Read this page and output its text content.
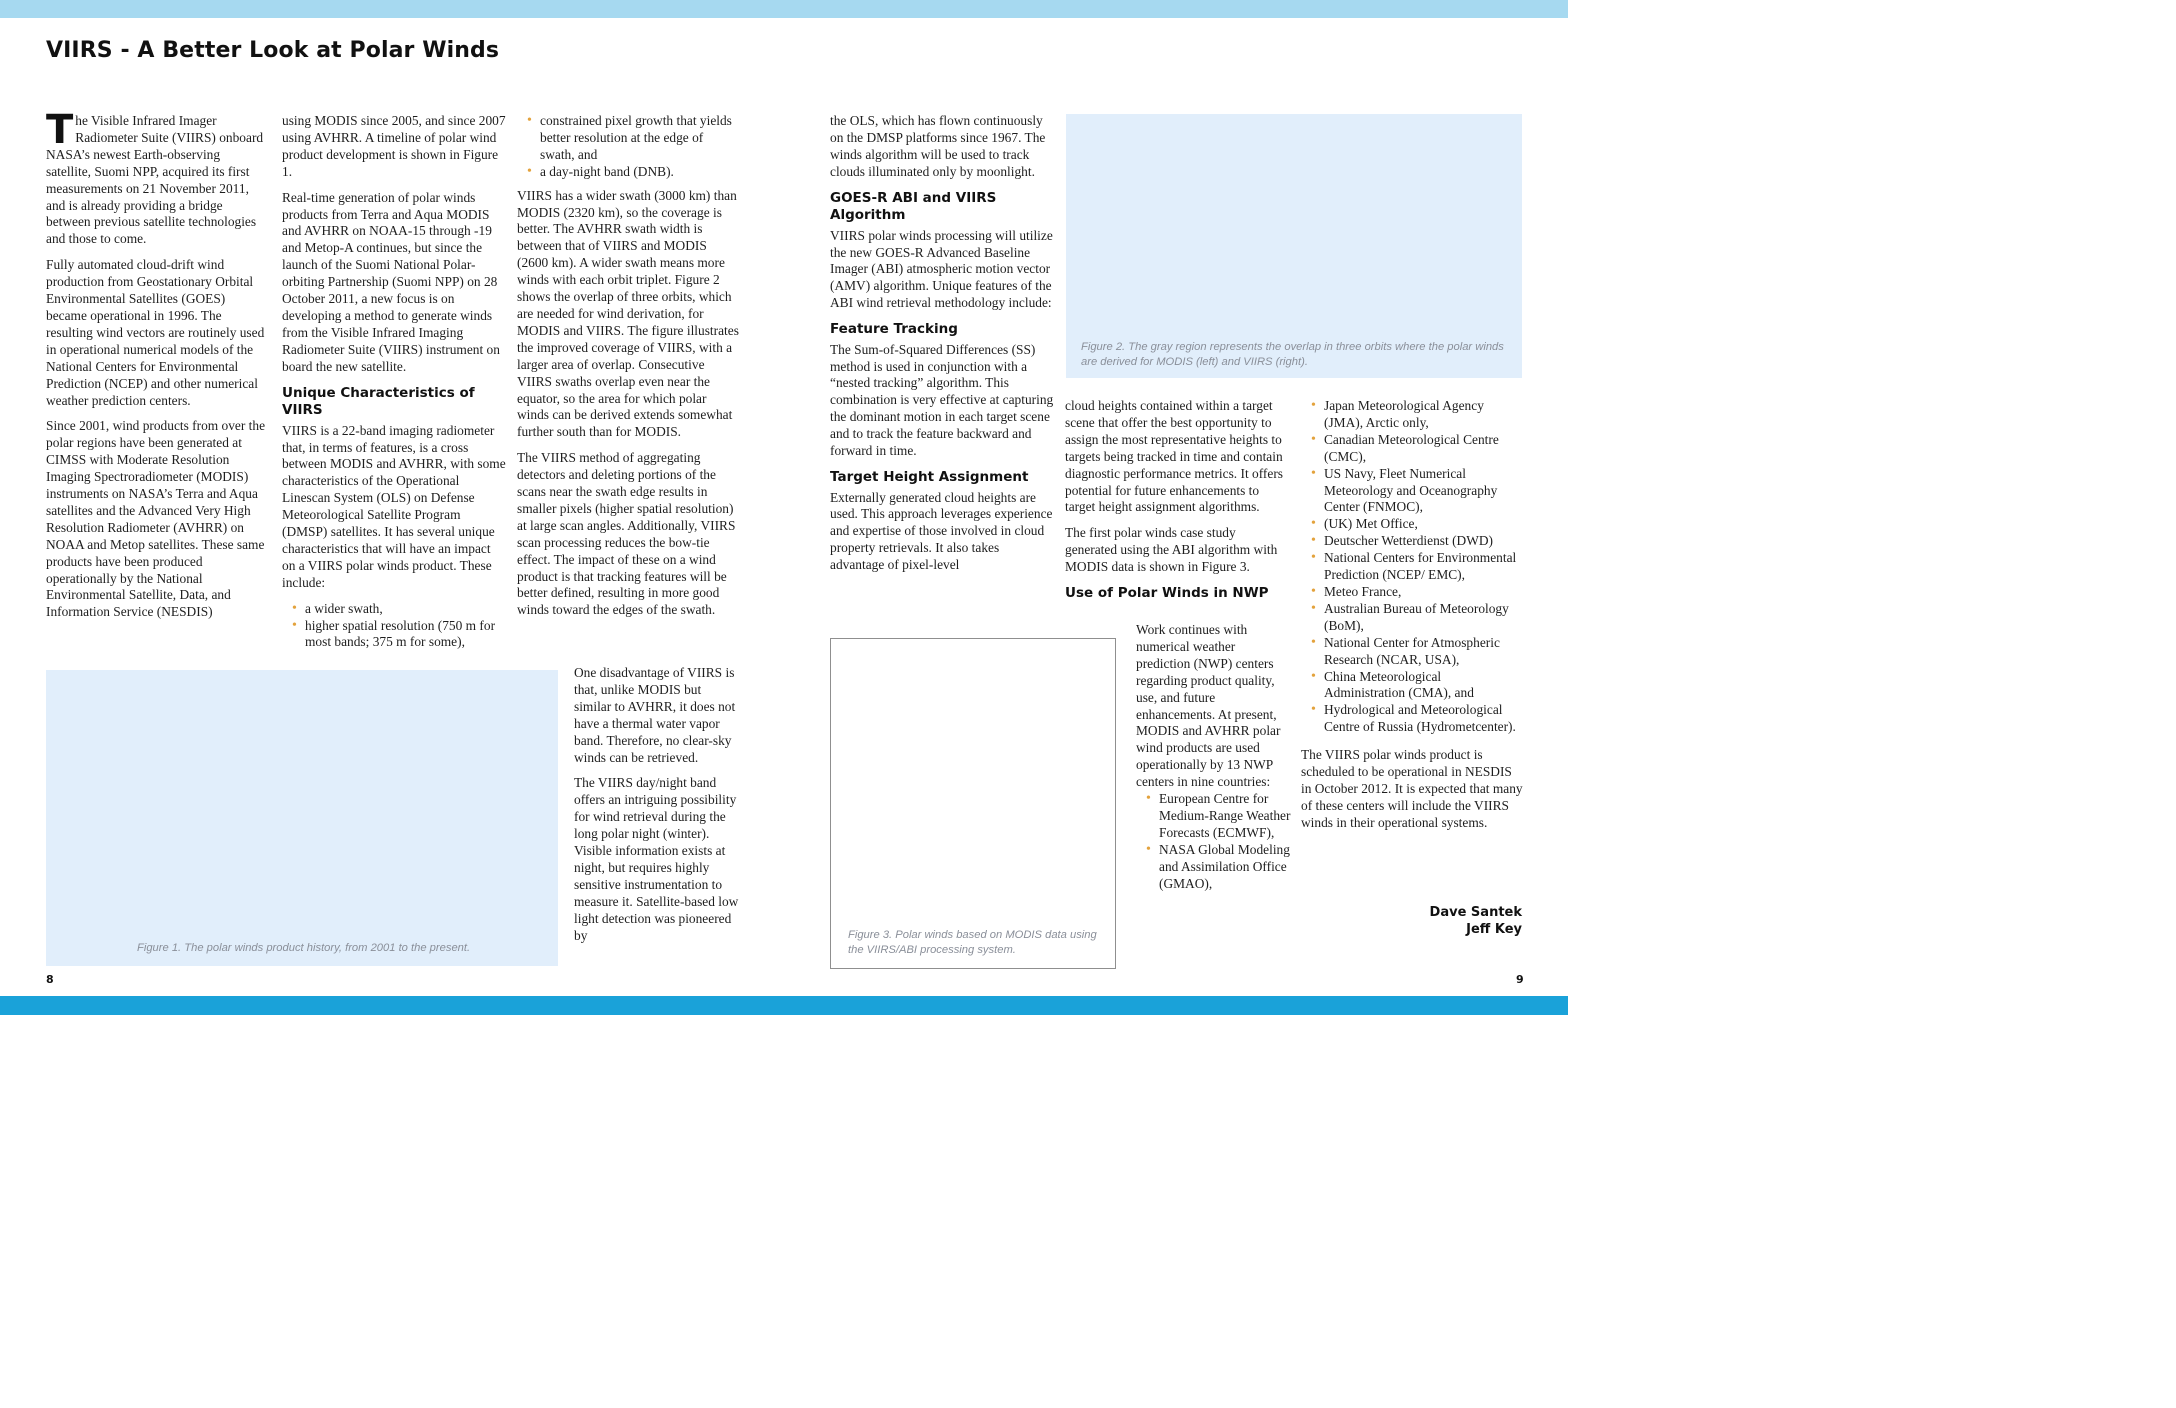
VIIRS - A Better Look at Polar Winds

The Visible Infrared Imager Radiometer Suite (VIIRS) onboard NASA’s newest Earth-observing satellite, Suomi NPP, acquired its first measurements on 21 November 2011, and is already providing a bridge between previous satellite technologies and those to come.

Fully automated cloud-drift wind production from Geostationary Orbital Environmental Satellites (GOES) became operational in 1996. The resulting wind vectors are routinely used in operational numerical models of the National Centers for Environmental Prediction (NCEP) and other numerical weather prediction centers.

Since 2001, wind products from over the polar regions have been generated at CIMSS with Moderate Resolution Imaging Spectroradiometer (MODIS) instruments on NASA’s Terra and Aqua satellites and the Advanced Very High Resolution Radiometer (AVHRR) on NOAA and Metop satellites. These same products have been produced operationally by the National Environmental Satellite, Data, and Information Service (NESDIS)

using MODIS since 2005, and since 2007 using AVHRR. A timeline of polar wind product development is shown in Figure 1.

Real-time generation of polar winds products from Terra and Aqua MODIS and AVHRR on NOAA-15 through -19 and Metop-A continues, but since the launch of the Suomi National Polar-orbiting Partnership (Suomi NPP) on 28 October 2011, a new focus is on developing a method to generate winds from the Visible Infrared Imaging Radiometer Suite (VIIRS) instrument on board the new satellite.

Unique Characteristics of VIIRS

VIIRS is a 22-band imaging radiometer that, in terms of features, is a cross between MODIS and AVHRR, with some characteristics of the Operational Linescan System (OLS) on Defense Meteorological Satellite Program (DMSP) satellites. It has several unique characteristics that will have an impact on a VIIRS polar winds product. These include:

• a wider swath,
• higher spatial resolution (750 m for most bands; 375 m for some),
• constrained pixel growth that yields better resolution at the edge of swath, and
• a day-night band (DNB).

VIIRS has a wider swath (3000 km) than MODIS (2320 km), so the coverage is better. The AVHRR swath width is between that of VIIRS and MODIS (2600 km). A wider swath means more winds with each orbit triplet. Figure 2 shows the overlap of three orbits, which are needed for wind derivation, for MODIS and VIIRS. The figure illustrates the improved coverage of VIIRS, with a larger area of overlap. Consecutive VIIRS swaths overlap even near the equator, so the area for which polar winds can be derived extends somewhat further south than for MODIS.

The VIIRS method of aggregating detectors and deleting portions of the scans near the swath edge results in smaller pixels (higher spatial resolution) at large scan angles. Additionally, VIIRS scan processing reduces the bow-tie effect. The impact of these on a wind product is that tracking features will be better defined, resulting in more good winds toward the edges of the swath.

One disadvantage of VIIRS is that, unlike MODIS but similar to AVHRR, it does not have a thermal water vapor band. Therefore, no clear-sky winds can be retrieved.

The VIIRS day/night band offers an intriguing possibility for wind retrieval during the long polar night (winter). Visible information exists at night, but requires highly sensitive instrumentation to measure it. Satellite-based low light detection was pioneered by

Figure 1. The polar winds product history, from 2001 to the present.
8

the OLS, which has flown continuously on the DMSP platforms since 1967. The winds algorithm will be used to track clouds illuminated only by moonlight.

GOES-R ABI and VIIRS Algorithm

VIIRS polar winds processing will utilize the new GOES-R Advanced Baseline Imager (ABI) atmospheric motion vector (AMV) algorithm. Unique features of the ABI wind retrieval methodology include:

Feature Tracking

The Sum-of-Squared Differences (SS) method is used in conjunction with a “nested tracking” algorithm. This combination is very effective at capturing the dominant motion in each target scene and to track the feature backward and forward in time.

Target Height Assignment

Externally generated cloud heights are used. This approach leverages experience and expertise of those involved in cloud property retrievals. It also takes advantage of pixel-level

Figure 2. The gray region represents the overlap in three orbits where the polar winds are derived for MODIS (left) and VIIRS (right).
Figure 3. Polar winds based on MODIS data using the VIIRS/ABI processing system.

cloud heights contained within a target scene that offer the best opportunity to assign the most representative heights to targets being tracked in time and contain diagnostic performance metrics. It offers potential for future enhancements to target height assignment algorithms.

The first polar winds case study generated using the ABI algorithm with MODIS data is shown in Figure 3.

Use of Polar Winds in NWP

Work continues with numerical weather prediction (NWP) centers regarding product quality, use, and future enhancements. At present, MODIS and AVHRR polar wind products are used operationally by 13 NWP centers in nine countries:

• European Centre for Medium-Range Weather Forecasts (ECMWF),
• NASA Global Modeling and Assimilation Office (GMAO),
• Japan Meteorological Agency (JMA), Arctic only,
• Canadian Meteorological Centre (CMC),
• US Navy, Fleet Numerical Meteorology and Oceanography Center (FNMOC),
• (UK) Met Office,
• Deutscher Wetterdienst (DWD)
• National Centers for Environmental Prediction (NCEP/ EMC),
• Meteo France,
• Australian Bureau of Meteorology (BoM),
• National Center for Atmospheric Research (NCAR, USA),
• China Meteorological Administration (CMA), and
• Hydrological and Meteorological Centre of Russia (Hydrometcenter).

The VIIRS polar winds product is scheduled to be operational in NESDIS in October 2012. It is expected that many of these centers will include the VIIRS winds in their operational systems.

Dave Santek
Jeff Key
9
